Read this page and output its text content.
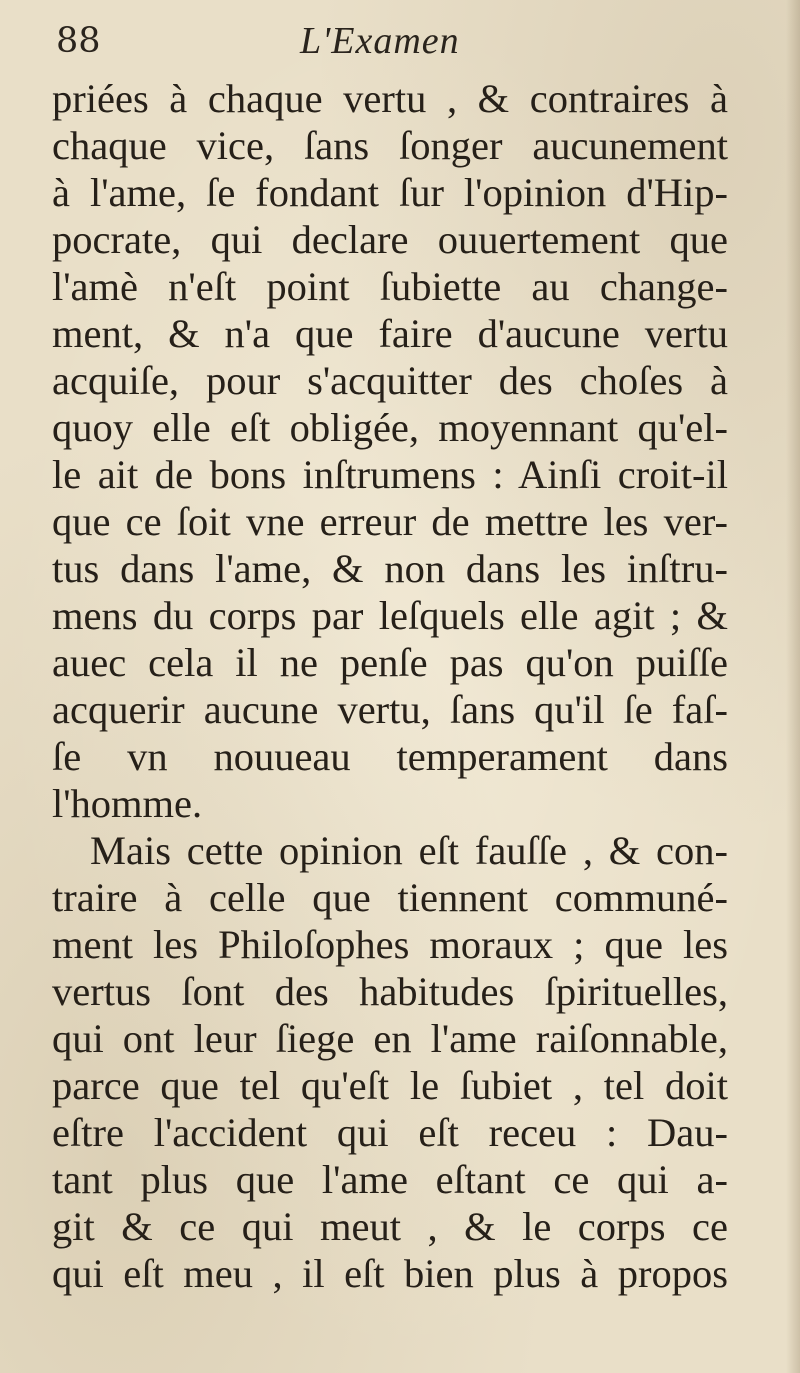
88	L'Examen
priées à chaque vertu , & contraires à
chaque vice, ſans ſonger aucunement
à l'ame, ſe fondant ſur l'opinion d'Hip-
pocrate, qui declare ouuertement que
l'amè n'eſt point ſubiette au change-
ment, & n'a que faire d'aucune vertu
acquiſe, pour s'acquitter des choſes à
quoy elle eſt obligée, moyennant qu'el-
le ait de bons inſtrumens : Ainſi croit-il
que ce ſoit vne erreur de mettre les ver-
tus dans l'ame, & non dans les inſtru-
mens du corps par leſquels elle agit ; &
auec cela il ne penſe pas qu'on puiſſe
acquerir aucune vertu, ſans qu'il ſe faſ-
ſe vn nouueau temperament dans
l'homme.
Mais cette opinion eſt fauſſe , & con-
traire à celle que tiennent communé-
ment les Philoſophes moraux ; que les
vertus ſont des habitudes ſpirituelles,
qui ont leur ſiege en l'ame raiſonnable,
parce que tel qu'eſt le ſubiet , tel doit
eſtre l'accident qui eſt receu : Dau-
tant plus que l'ame eſtant ce qui a-
git & ce qui meut , & le corps ce
qui eſt meu , il eſt bien plus à propos
